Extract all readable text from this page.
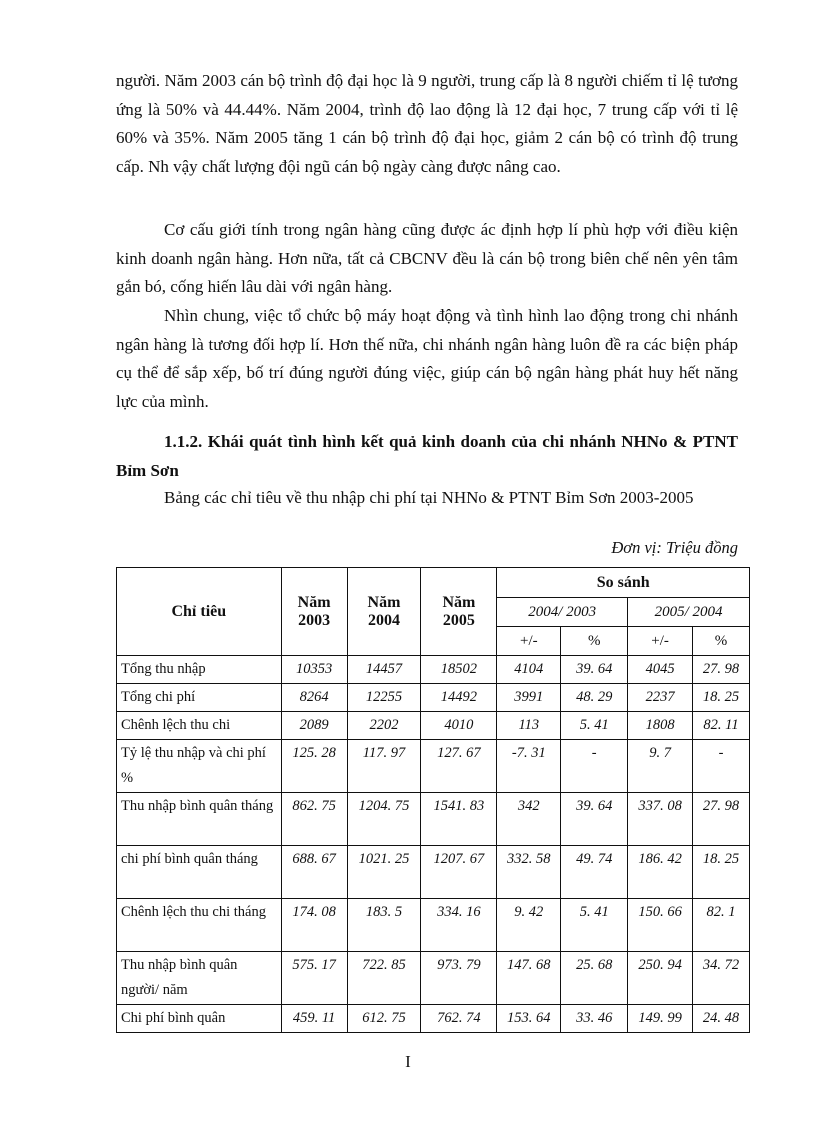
người. Năm 2003 cán bộ trình độ đại học là 9 người, trung cấp là 8 người chiếm tỉ lệ tương ứng là 50% và 44.44%. Năm 2004, trình độ lao động là 12 đại học, 7 trung cấp với tỉ lệ 60% và 35%. Năm 2005 tăng 1 cán bộ trình độ đại học, giảm 2 cán bộ có trình độ trung cấp. Nh vậy chất lượng đội ngũ cán bộ ngày càng được nâng cao.

Cơ cấu giới tính trong ngân hàng cũng được ác định hợp lí phù hợp với điều kiện kinh doanh ngân hàng. Hơn nữa, tất cả CBCNV đều là cán bộ trong biên chế nên yên tâm gắn bó, cống hiến lâu dài với ngân hàng.

Nhìn chung, việc tổ chức bộ máy hoạt động và tình hình lao động trong chi nhánh ngân hàng là tương đối hợp lí. Hơn thế nữa, chi nhánh ngân hàng luôn đề ra các biện pháp cụ thể để sắp xếp, bố trí đúng người đúng việc, giúp cán bộ ngân hàng phát huy hết năng lực của mình.

1.1.2. Khái quát tình hình kết quả kinh doanh của chi nhánh NHNo & PTNT Bỉm Sơn

Bảng các chỉ tiêu về thu nhập chi phí tại NHNo & PTNT Bỉm Sơn 2003-2005

Đơn vị: Triệu đồng
Chỉ tiêu	Năm 2003	Năm 2004	Năm 2005	So sánh			
				2004/ 2003		2005/ 2004	
				+/-	%	+/-	%
Tổng thu nhập	10353	14457	18502	4104	39. 64	4045	27. 98
Tổng chi phí	8264	12255	14492	3991	48. 29	2237	18. 25
Chênh lệch thu chi	2089	2202	4010	113	5. 41	1808	82. 11
Tỷ lệ thu nhập và chi phí %	125. 28	117. 97	127. 67	-7. 31	-	9. 7	-
Thu nhập bình quân tháng	862. 75	1204. 75	1541. 83	342	39. 64	337. 08	27. 98
chi phí bình quân tháng	688. 67	1021. 25	1207. 67	332. 58	49. 74	186. 42	18. 25
Chênh lệch thu chi tháng	174. 08	183. 5	334. 16	9. 42	5. 41	150. 66	82. 1
Thu nhập bình quân người/ năm	575. 17	722. 85	973. 79	147. 68	25. 68	250. 94	34. 72
Chi phí bình quân	459. 11	612. 75	762. 74	153. 64	33. 46	149. 99	24. 48
I
